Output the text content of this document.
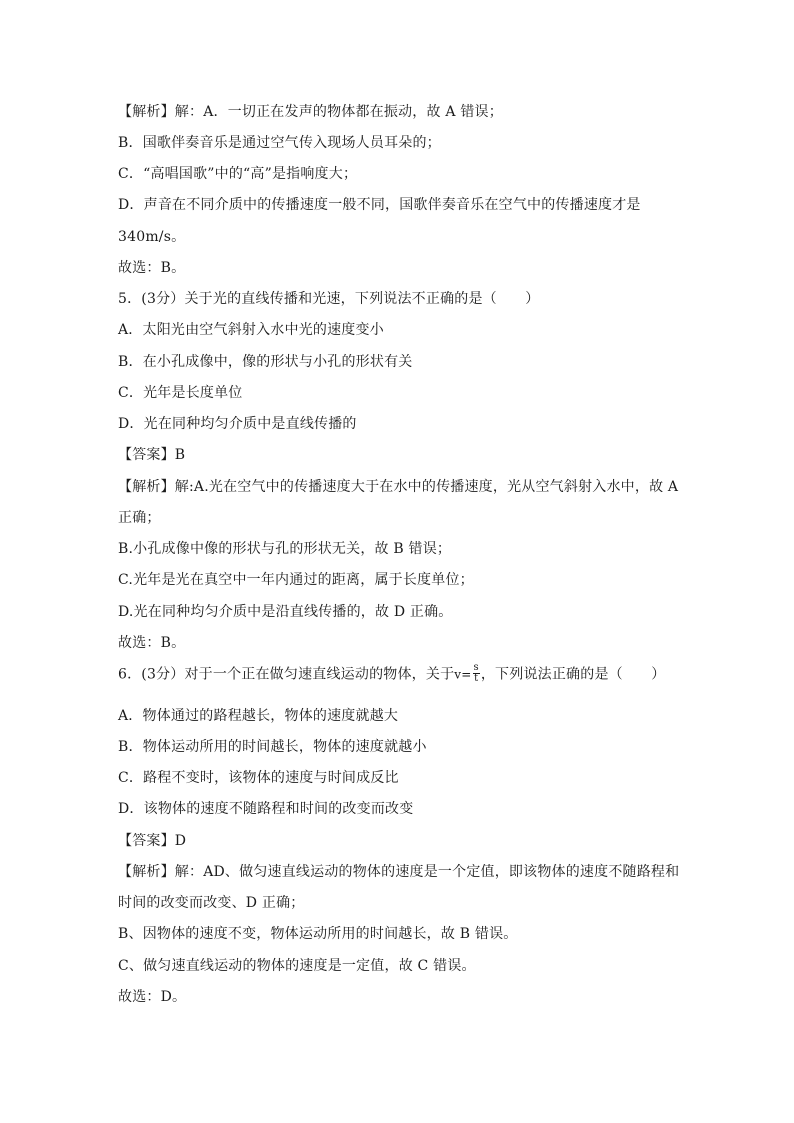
【解析】解：A．一切正在发声的物体都在振动，故 A 错误；
B．国歌伴奏音乐是通过空气传入现场人员耳朵的；
C．“高唱国歌”中的“高”是指响度大；
D．声音在不同介质中的传播速度一般不同，国歌伴奏音乐在空气中的传播速度才是
340m/s。
故选：B。
5．(3分）关于光的直线传播和光速，下列说法不正确的是（　　）
A．太阳光由空气斜射入水中光的速度变小
B．在小孔成像中，像的形状与小孔的形状有关
C．光年是长度单位
D．光在同种均匀介质中是直线传播的
【答案】B
【解析】解:A.光在空气中的传播速度大于在水中的传播速度，光从空气斜射入水中，故 A
正确；
B.小孔成像中像的形状与孔的形状无关，故 B 错误；
C.光年是光在真空中一年内通过的距离，属于长度单位；
D.光在同种均匀介质中是沿直线传播的，故 D 正确。
故选：B。
6．(3分）对于一个正在做匀速直线运动的物体，关于$v= \frac{s}{t}$ ，下列说法正确的是（　　）
A．物体通过的路程越长，物体的速度就越大
B．物体运动所用的时间越长，物体的速度就越小
C．路程不变时，该物体的速度与时间成反比
D．该物体的速度不随路程和时间的改变而改变
【答案】D
【解析】解：AD、做匀速直线运动的物体的速度是一个定值，即该物体的速度不随路程和
时间的改变而改变、D 正确；
B、因物体的速度不变，物体运动所用的时间越长，故 B 错误。
C、做匀速直线运动的物体的速度是一定值，故 C 错误。
故选：D。
